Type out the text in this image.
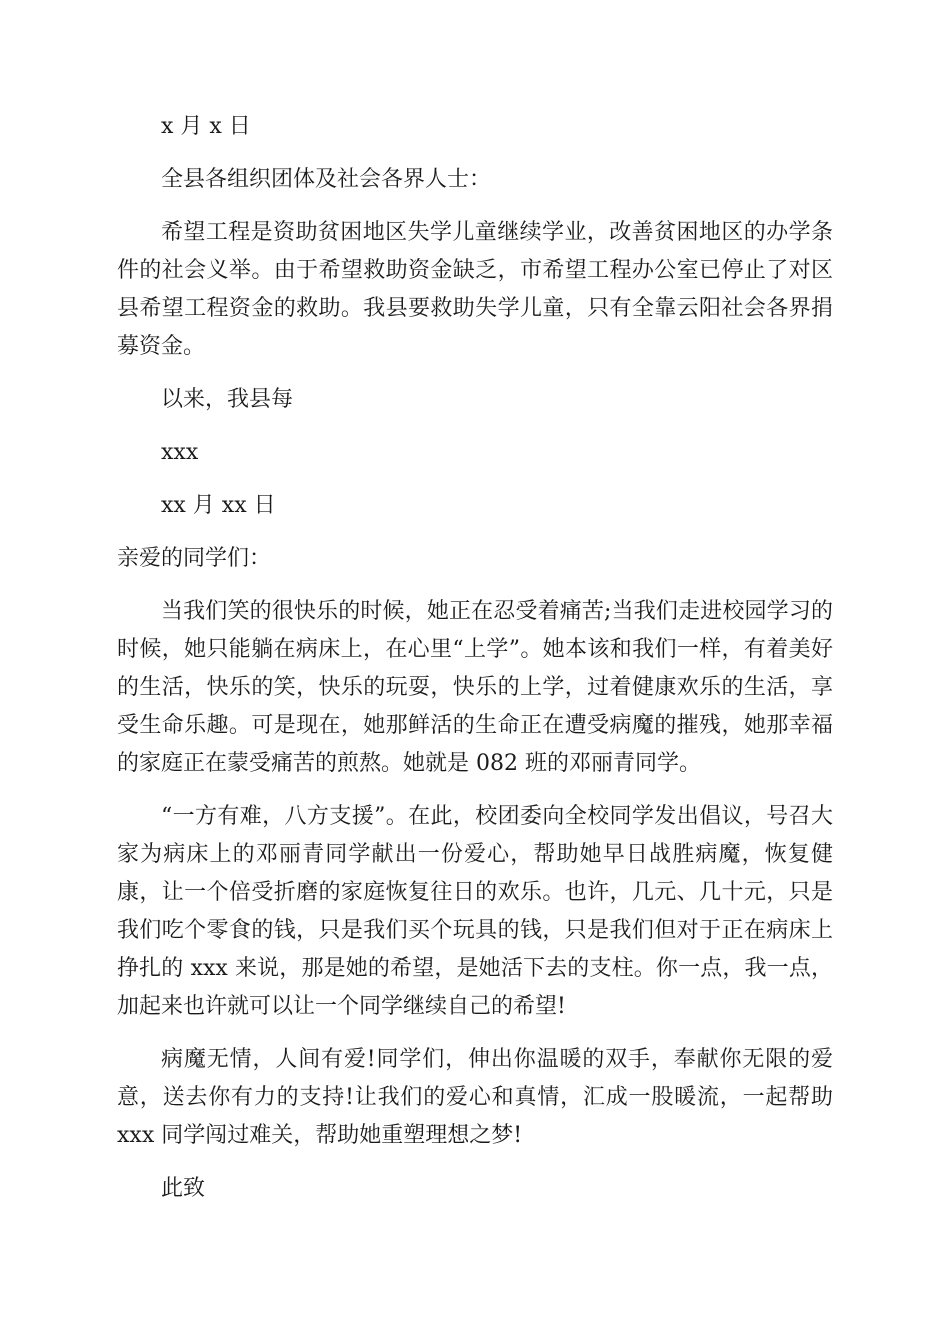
x 月 x 日

全县各组织团体及社会各界人士：

希望工程是资助贫困地区失学儿童继续学业，改善贫困地区的办学条件的社会义举。由于希望救助资金缺乏，市希望工程办公室已停止了对区县希望工程资金的救助。我县要救助失学儿童，只有全靠云阳社会各界捐募资金。

以来，我县每

xxx

xx 月 xx 日

亲爱的同学们：

当我们笑的很快乐的时候，她正在忍受着痛苦;当我们走进校园学习的时候，她只能躺在病床上，在心里“上学”。她本该和我们一样，有着美好的生活，快乐的笑，快乐的玩耍，快乐的上学，过着健康欢乐的生活，享受生命乐趣。可是现在，她那鲜活的生命正在遭受病魔的摧残，她那幸福的家庭正在蒙受痛苦的煎熬。她就是 082 班的邓丽青同学。

“一方有难，八方支援”。在此，校团委向全校同学发出倡议，号召大家为病床上的邓丽青同学献出一份爱心，帮助她早日战胜病魔，恢复健康，让一个倍受折磨的家庭恢复往日的欢乐。也许，几元、几十元，只是我们吃个零食的钱，只是我们买个玩具的钱，只是我们但对于正在病床上挣扎的 xxx 来说，那是她的希望，是她活下去的支柱。你一点，我一点，加起来也许就可以让一个同学继续自己的希望!

病魔无情，人间有爱!同学们，伸出你温暖的双手，奉献你无限的爱意，送去你有力的支持!让我们的爱心和真情，汇成一股暖流，一起帮助 xxx 同学闯过难关，帮助她重塑理想之梦!

此致
